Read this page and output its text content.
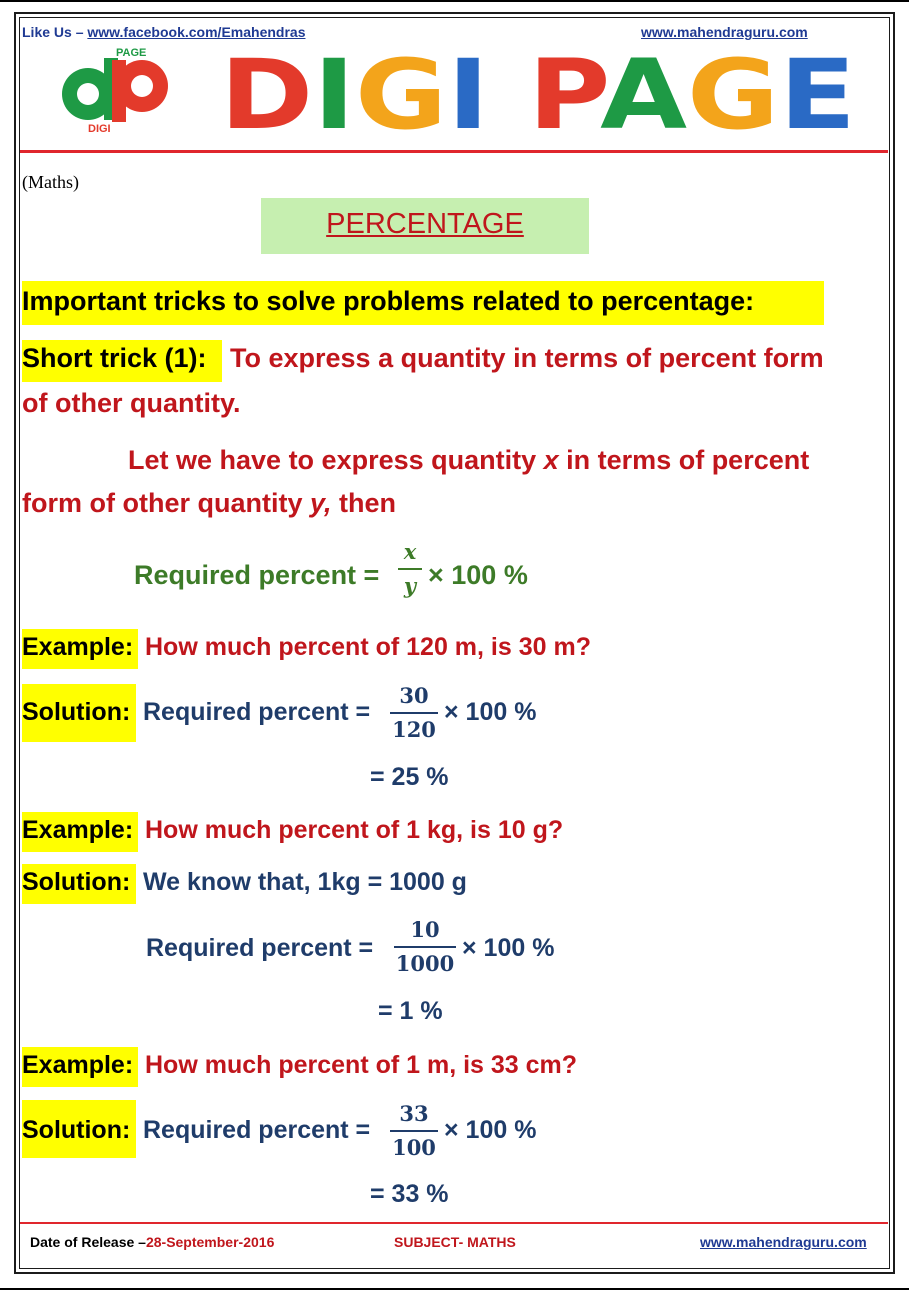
Like Us – www.facebook.com/Emahendras	www.mahendraguru.com
PAGE
DIGI D IG I P A G E
(Maths)
PERCENTAGE
Important tricks to solve problems related to percentage:
Short trick (1): To express a quantity in terms of percent form
of other quantity.
Let we have to express quantity x in terms of percent
form of other quantity y, then
Required percent =
x
y × 100 %
Example: How much percent of 120 m, is 30 m?
Solution: Required percent =
30
120
× 100 %
= 25 %
Example: How much percent of 1 kg, is 10 g?
Solution: We know that, 1kg = 1000 g
Required percent =
10
1000
× 100 %
= 1 %
Example: How much percent of 1 m, is 33 cm?
Solution: Required percent =
33
100
× 100 %
= 33 %
Date of Release –28-September-2016	SUBJECT- MATHS	www.mahendraguru.com
